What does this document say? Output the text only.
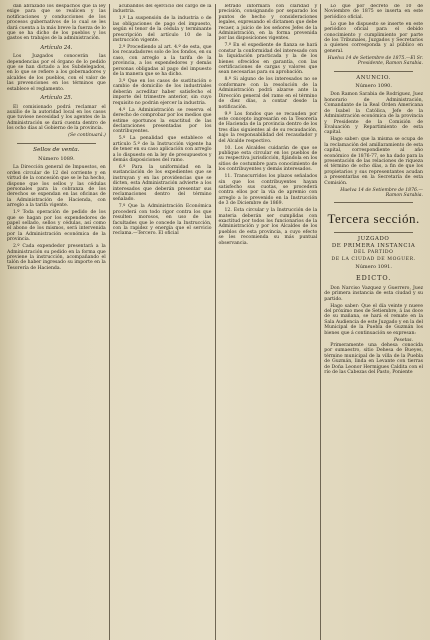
dan abrazado los despachos que la ley exige para que se realicen y las notificaciones y conducciones de los procesos gubernativos de lo cual se les dará cuenta a la más breve la fuerza de lo que se ha dicho de los pueblos y los gastos en trabajos de la administración.

Artículo 24.

Los Juzgados conocerán las dependencias por el órgano de lo pedido que se han dictado a los Subdelegados, en lo que se refiere a los gobernadores y alcaldes de los pueblos, con el valor de las prevenciones en los términos que establece el reglamento.

Artículo 25.

El comisionado podrá reclamar el auxilio de la autoridad local en los casos que tuviese necesidad y los agentes de la Administración se dará cuenta dentro de los ocho días al Gobierno de la provincia.

(Se continuará.)
Sellos de venta.
Número 1089.

La Dirección general de Impuestos, en orden circular de 12 del corriente y en virtud de la concesión que se le ha hecho, dispone que los sellos y las cédulas personales para la cobranza de los derechos se expendan en las oficinas de la Administración de Hacienda, con arreglo a la tarifa vigente.

1.º Toda operación de pedido de los que se hagan por los expendedores de papel sellado, sellos y cédulas, así como el abono de los mismos, será intervenida por la Administración económica de la provincia.

2.º Cada expendedor presentará a la Administración su pedido en la forma que previene la instrucción, acompañando el talón de haber ingresado su importe en la Tesorería de Hacienda.

acubandos del ejercicio del cargo de la industria.

1.º La suspensión de la industria o de las obligaciones de pago del impuesto, según el tenor de la cédula y terminante prescripción del artículo 10 de la instrucción vigente.

2.º Procediendo al art. 4.º de esta, que los recaudadores solo de los fondos, en su caso, con arreglo a la tarifa de la provincia, a los expendedores y demás personas obligadas al pago del impuesto de la manera que se ha dicho.

3.º Que en los casos de sustitución o cambio de domicilio de los industriales deberán acreditar haber satisfecho el importe del trimestre anterior, sin cuyo requisito no podrán ejercer la industria.

4.º La Administración se reserva el derecho de comprobar por los medios que estime oportunos la exactitud de las declaraciones presentadas por los contribuyentes.

5.º La penalidad que establece el artículo 5.º de la Instrucción vigente ha de tener en su caso aplicación con arreglo a lo dispuesto en la ley de presupuestos y demás disposiciones del ramo.

6.º Para la uniformidad en la sustanciación de los expedientes que se instruyan y en las providencias que se dicten, esta Administración advierte a los interesados que deberán presentar sus reclamaciones dentro del término señalado.

7.º Que la Administración Económica procederá con todo rigor contra los que resulten morosos, en uso de las facultades que le concede la Instrucción, con la rapidez y energía que el servicio reclama.—Tercero. El oficial

letrado informará con claridad y precisión, consignando por separado los puntos de hecho y consideraciones legales, expresando el dictamen que debe recaer, a juicio de los señores Jefes de la Administración, en la forma prevenida por las disposiciones vigentes.

7.º En el expediente de fianza se hará constar la conformidad del interesado con la liquidación practicada y la de los bienes ofrecidos en garantía, con las certificaciones de cargas y valores que sean necesarias para su aprobación.

8.º Si alguno de los interesados no se conformare con la resolución de la Administración podrá alzarse ante la Dirección general del ramo en el término de diez días, a contar desde la notificación.

9.º Los fondos que se recauden por este concepto ingresarán en la Tesorería de Hacienda de la provincia dentro de los tres días siguientes al de su recaudación, bajo la responsabilidad del recaudador y del Alcalde respectivo.

10. Los Alcaldes cuidarán de que se publique esta circular en los pueblos de su respectiva jurisdicción, fijándola en los sitios de costumbre para conocimiento de los contribuyentes y demás interesados.

11. Transcurridos los plazos señalados sin que los contribuyentes hayan satisfecho sus cuotas, se procederá contra ellos por la vía de apremio con arreglo a lo prevenido en la Instrucción de 3 de Diciembre de 1869.

12. Esta circular y la Instrucción de la materia deberán ser cumplidas con exactitud por todos los funcionarios de la Administración y por los Alcaldes de los pueblos de esta provincia, a cuyo efecto se les recomienda su más puntual observancia.

Lo que por decreto de 10 de Noviembre de 1875 se inserta en este periódico oficial.

Lo que he dispuesto se inserte en este periódico oficial para el debido conocimiento y cumplimiento por parte de los Tribunales, Juzgados y Secretarios a quienes corresponda y al público en general.

Huelva 14 de Setiembre de 1875.—El Sr. Presidente, Ramon Sarabia.
ANUNCIO.
Número 1090.

Don Ramon Sarabia de Rodriguez, Juez honorario de Administración, Comandante de la Real Orden Americana de Isabel la Católica, Jefe de la Administración económica de la provincia y Presidente de la Comisión de Evaluación y Repartimiento de esta capital.

Hago saber: que la misma se ocupa de la reclamación del amillaramiento de esta capital, correspondiente al año económico de 1876-77, se ha dado para la presentación de las relaciones de riqueza el término de ocho días, a fin de que los propietarios y sus representantes acudan a presentarlas en la Secretaría de esta Comisión.

Huelva 14 de Setiembre de 1876.—Ramon Sarabia.
Tercera sección.
JUZGADO
DE PRIMERA INSTANCIA
DEL PARTIDO
DE LA CIUDAD DE MOGUER.
Número 1091.
EDICTO.

Don Narciso Vazquez y Guerrero, Juez de primera instancia de esta ciudad y su partido.

Hago saber: Que el día veinte y nueve del próximo mes de Setiembre, á las doce de su mañana, se hará el remate en la Sala Audiencia de este Juzgado y en la del Municipal de la Puebla de Guzmán los bienes que á continuación se expresan:

Pesetas.

Primeramente una dehesa conocida por sumaestro, sitio Dehesa de Bueyes, término municipal de la villa de la Puebla de Guzmán, linda en Levante con tierras de Doña Leonor Hermigues Caldita con el río de las Cabezas del Pasto, Poniente
